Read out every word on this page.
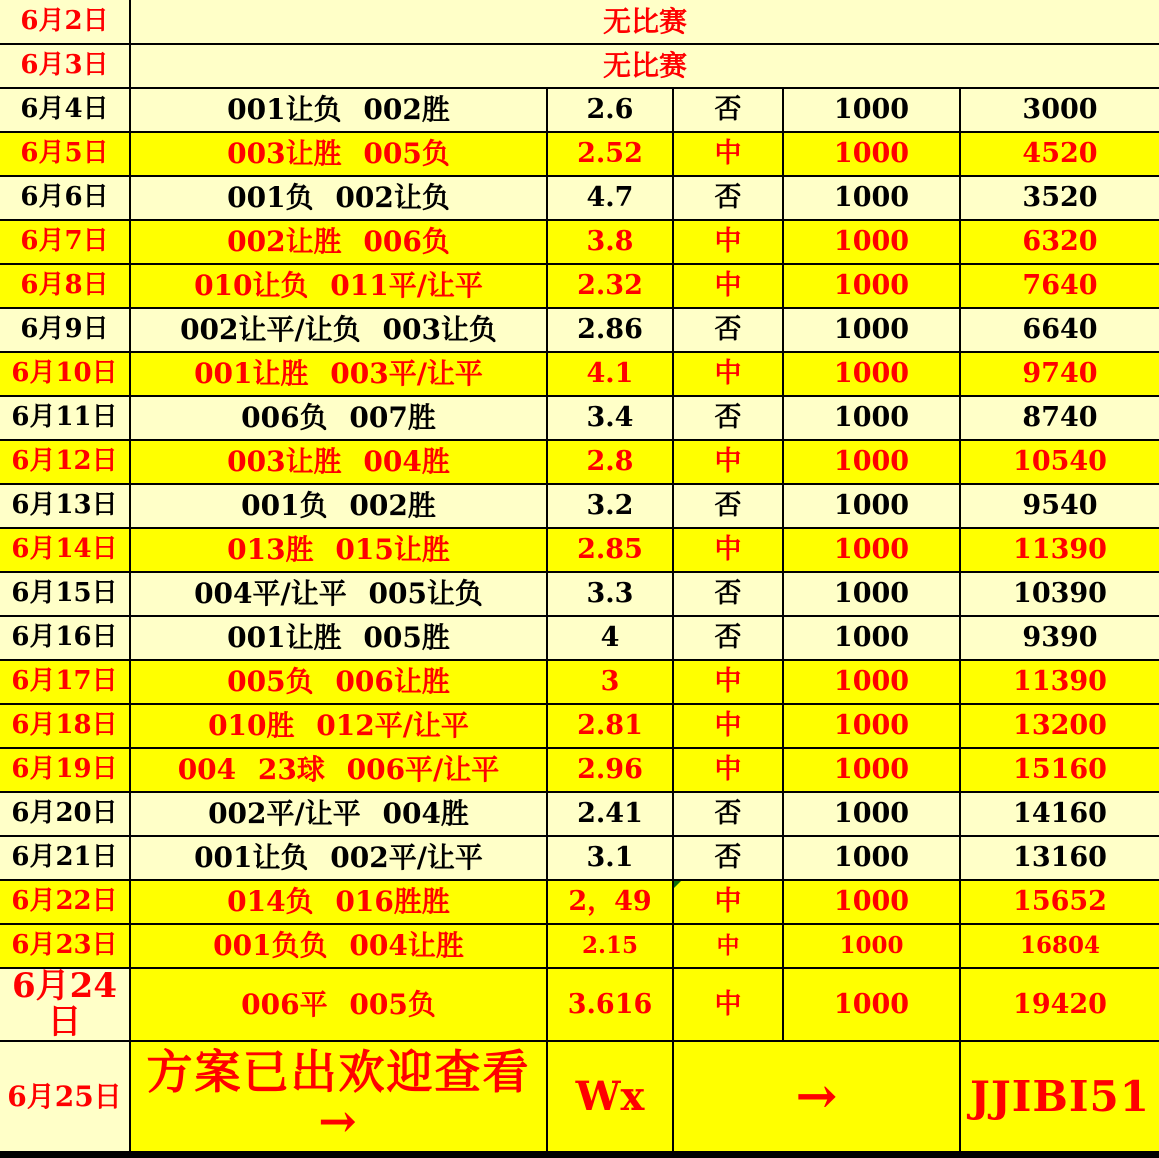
6月2日	无比赛				
6月3日	无比赛				
6月4日	001让负 002胜	2.6	否	1000	3000
6月5日	003让胜 005负	2.52	中	1000	4520
6月6日	001负 002让负	4.7	否	1000	3520
6月7日	002让胜 006负	3.8	中	1000	6320
6月8日	010让负 011平/让平	2.32	中	1000	7640
6月9日	002让平/让负 003让负	2.86	否	1000	6640
6月10日	001让胜 003平/让平	4.1	中	1000	9740
6月11日	006负 007胜	3.4	否	1000	8740
6月12日	003让胜 004胜	2.8	中	1000	10540
6月13日	001负 002胜	3.2	否	1000	9540
6月14日	013胜 015让胜	2.85	中	1000	11390
6月15日	004平/让平 005让负	3.3	否	1000	10390
6月16日	001让胜 005胜	4	否	1000	9390
6月17日	005负 006让胜	3	中	1000	11390
6月18日	010胜 012平/让平	2.81	中	1000	13200
6月19日	004 23球 006平/让平	2.96	中	1000	15160
6月20日	002平/让平 004胜	2.41	否	1000	14160
6月21日	001让负 002平/让平	3.1	否	1000	13160
6月22日	014负 016胜胜	2，49	中	1000	15652
6月23日	001负负 004让胜	2.15	中	1000	16804
6月24日	006平 005负	3.616	中	1000	19420
6月25日	方案已出欢迎查看→	Wx	→		JJIBI51
